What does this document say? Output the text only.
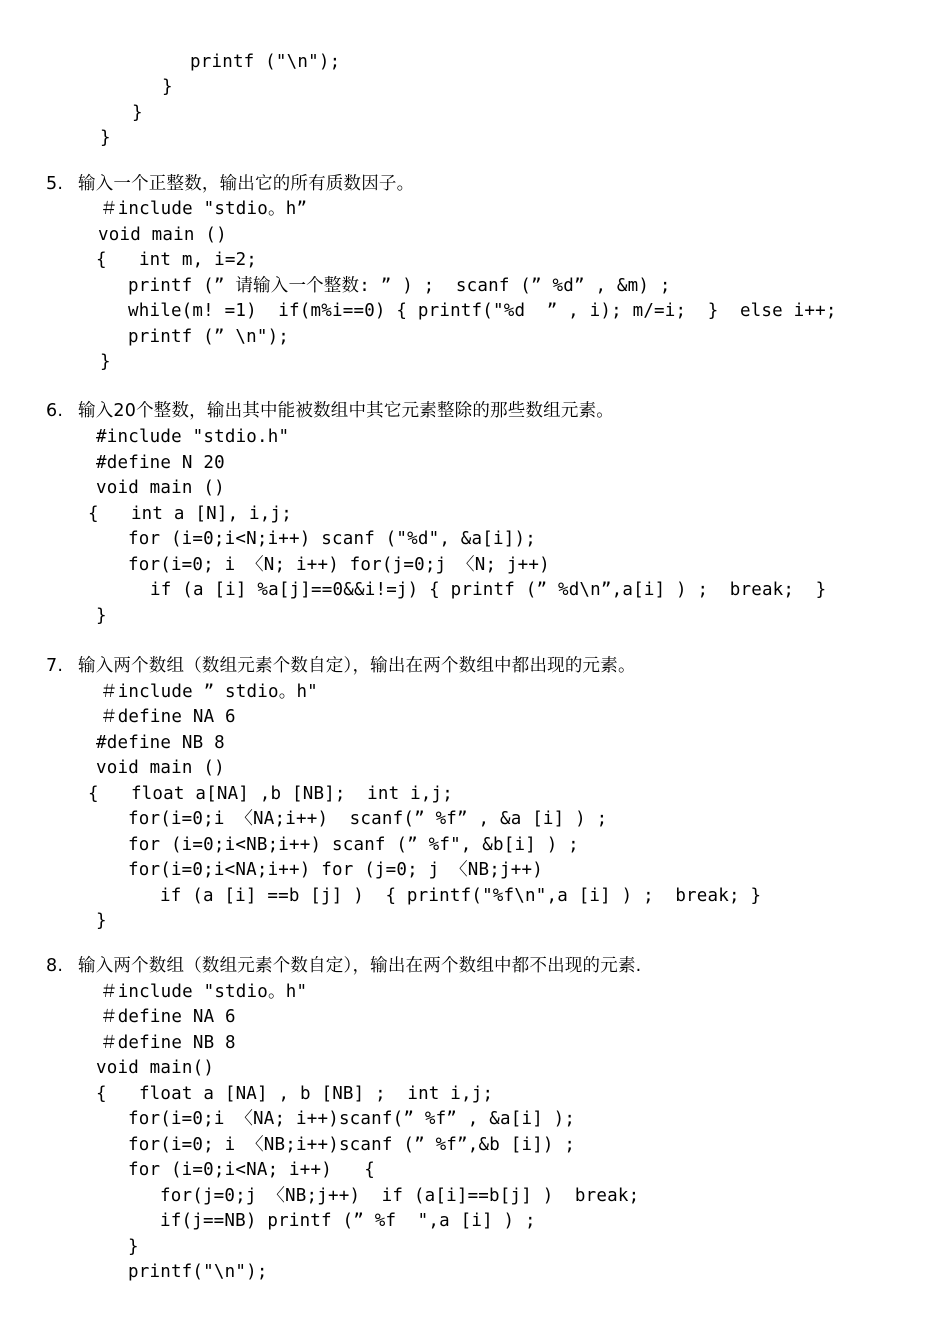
printf ("\n");
}
}
}
5. 输入一个正整数，输出它的所有质数因子。
＃include "stdio。h”
void main ()
{   int m, i=2;
printf (” 请输入一个整数: ” ) ;  scanf (” %d” , &m) ;
while(m! =1)  if(m%i==0) { printf("%d  ” , i); m/=i;  }  else i++;
printf (” \n");
}
6. 输入20个整数，输出其中能被数组中其它元素整除的那些数组元素。
#include "stdio.h"
#define N 20
void main ()
{   int a [N], i,j;
for (i=0;i<N;i++) scanf ("%d", &a[i]);
for(i=0; i 〈N; i++) for(j=0;j 〈N; j++)
if (a [i] %a[j]==0&&i!=j) { printf (” %d\n”,a[i] ) ;  break;  }
}
7. 输入两个数组（数组元素个数自定），输出在两个数组中都出现的元素。
＃include ” stdio。h"
＃define NA 6
#define NB 8
void main ()
{   float a[NA] ,b [NB];  int i,j;
for(i=0;i 〈NA;i++)  scanf(” %f” , &a [i] ) ;
for (i=0;i<NB;i++) scanf (” %f", &b[i] ) ;
for(i=0;i<NA;i++) for (j=0; j 〈NB;j++)
if (a [i] ==b [j] )  { printf("%f\n",a [i] ) ;  break; }
}
8. 输入两个数组（数组元素个数自定），输出在两个数组中都不出现的元素.
＃include "stdio。h"
＃define NA 6
＃define NB 8
void main()
{   float a [NA] , b [NB] ;  int i,j;
for(i=0;i 〈NA; i++)scanf(” %f” , &a[i] );
for(i=0; i 〈NB;i++)scanf (” %f”,&b [i]) ;
for (i=0;i<NA; i++)   {
for(j=0;j 〈NB;j++)  if (a[i]==b[j] )  break;
if(j==NB) printf (” %f  ",a [i] ) ;
}
printf("\n");
